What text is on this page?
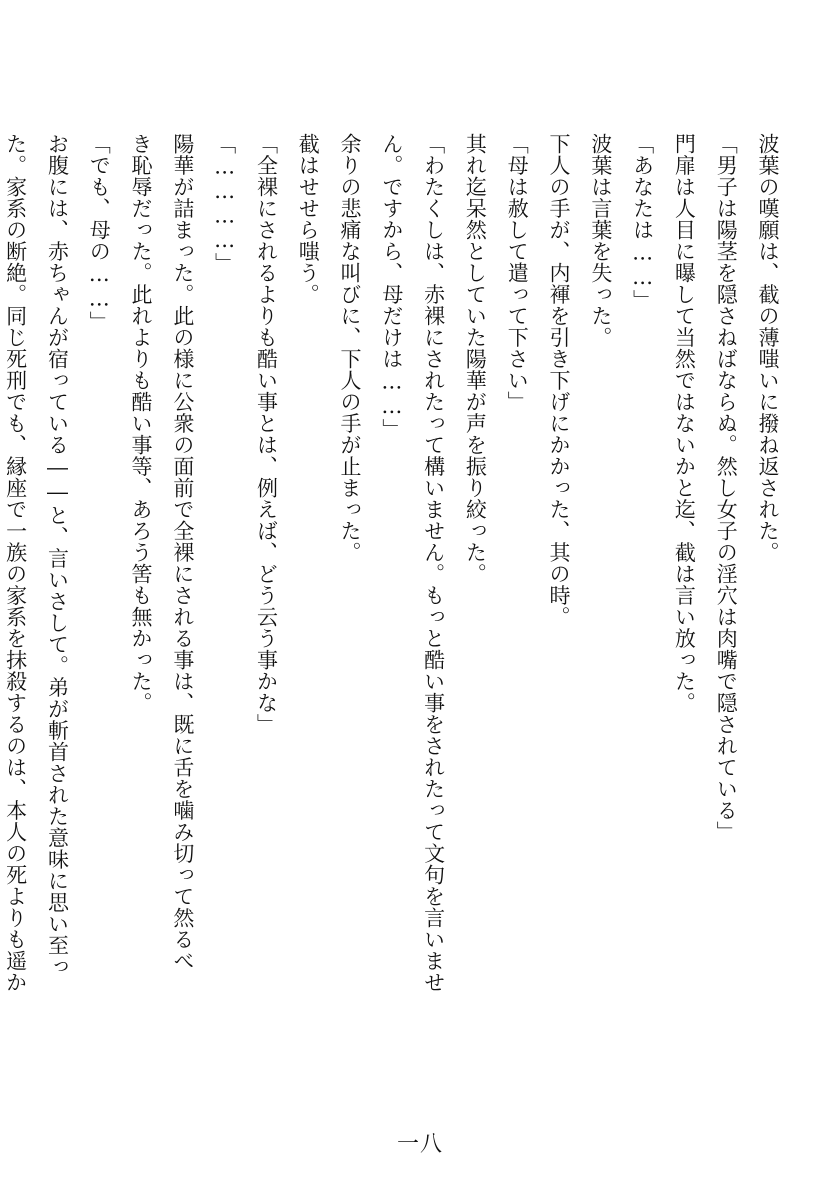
波葉の嘆願は、截の薄嗤いに撥ね返された。

「男子は陽茎を隠さねばならぬ。然し女子の淫穴は肉嘴で隠されている」

門扉は人目に曝して当然ではないかと迄、截は言い放った。

「あなたは……」

波葉は言葉を失った。

下人の手が、内褌を引き下げにかかった、其の時。

「母は赦して遣って下さい」

其れ迄呆然としていた陽華が声を振り絞った。

「わたくしは、赤裸にされたって構いません。もっと酷い事をされたって文句を言いませ

ん。ですから、母だけは……」

余りの悲痛な叫びに、下人の手が止まった。

截はせせら嗤う。

「全裸にされるよりも酷い事とは、例えば、どう云う事かな」

「…………」

陽華が詰まった。此の様に公衆の面前で全裸にされる事は、既に舌を噛み切って然るべ

き恥辱だった。此れよりも酷い事等、あろう筈も無かった。

「でも、母の……」

お腹には、赤ちゃんが宿っている――と、言いさして。弟が斬首された意味に思い至っ

た。家系の断絶。同じ死刑でも、縁座で一族の家系を抹殺するのは、本人の死よりも遥か

一八
